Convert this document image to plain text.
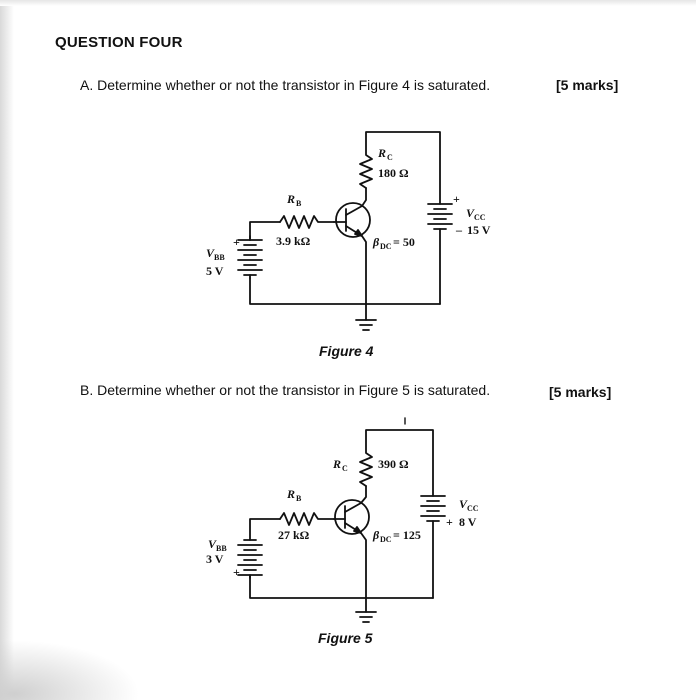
QUESTION FOUR
A. Determine whether or not the transistor in Figure 4 is saturated.	[5 marks]
B. Determine whether or not the transistor in Figure 5 is saturated.	[5 marks]
R C
180 Ω
R B
3.9 kΩ	β DC = 50
+
V CC
– 15 V
+
V BB
5 V
R C	390 Ω
R B
27 kΩ	β DC = 125
V CC
+ 8 V
V BB
3 V
+
Figure 4
Figure 5
